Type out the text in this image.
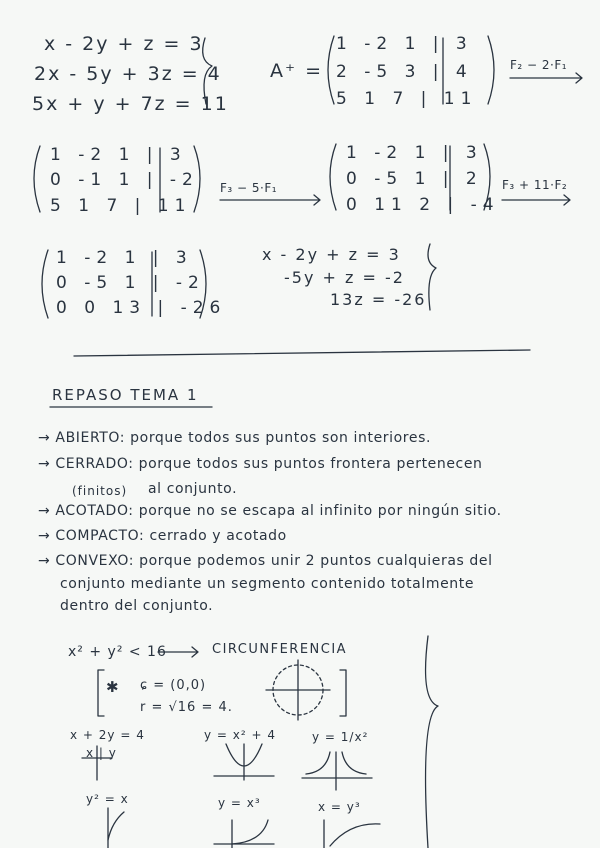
x - 2y + z = 3
2x - 5y + 3z = 4
5x + y + 7z = 11
A⁺ =
1 -2 1 | 3
2 -5 3 | 4
5 1 7 | 11
F₂ − 2·F₁
1 -2 1 | 3
0 -1 1 | -2
5 1 7 | 11
F₃ − 5·F₁
1 -2 1 | 3
0 -5 1 | 2
0 11 2 | -4
F₃ + 11·F₂
1 -2 1 | 3
0 -5 1 | -2
0 0 13 | -26
x - 2y + z = 3
-5y + z = -2
13z = -26
REPASO TEMA 1
→ ABIERTO: porque todos sus puntos son interiores.
→ CERRADO: porque todos sus puntos frontera pertenecen
(finitos) al conjunto.
→ ACOTADO: porque no se escapa al infinito por ningún sitio.
→ COMPACTO: cerrado y acotado
→ CONVEXO: porque podemos unir 2 puntos cualquieras del
conjunto mediante un segmento contenido totalmente
dentro del conjunto.
x² + y² < 16	CIRCUNFERENCIA
✱ ɕ = (0,0)
r = √16 = 4.
x + 2y = 4
x | y
y = x² + 4	y = 1/x²
y² = x	y = x³	x = y³
